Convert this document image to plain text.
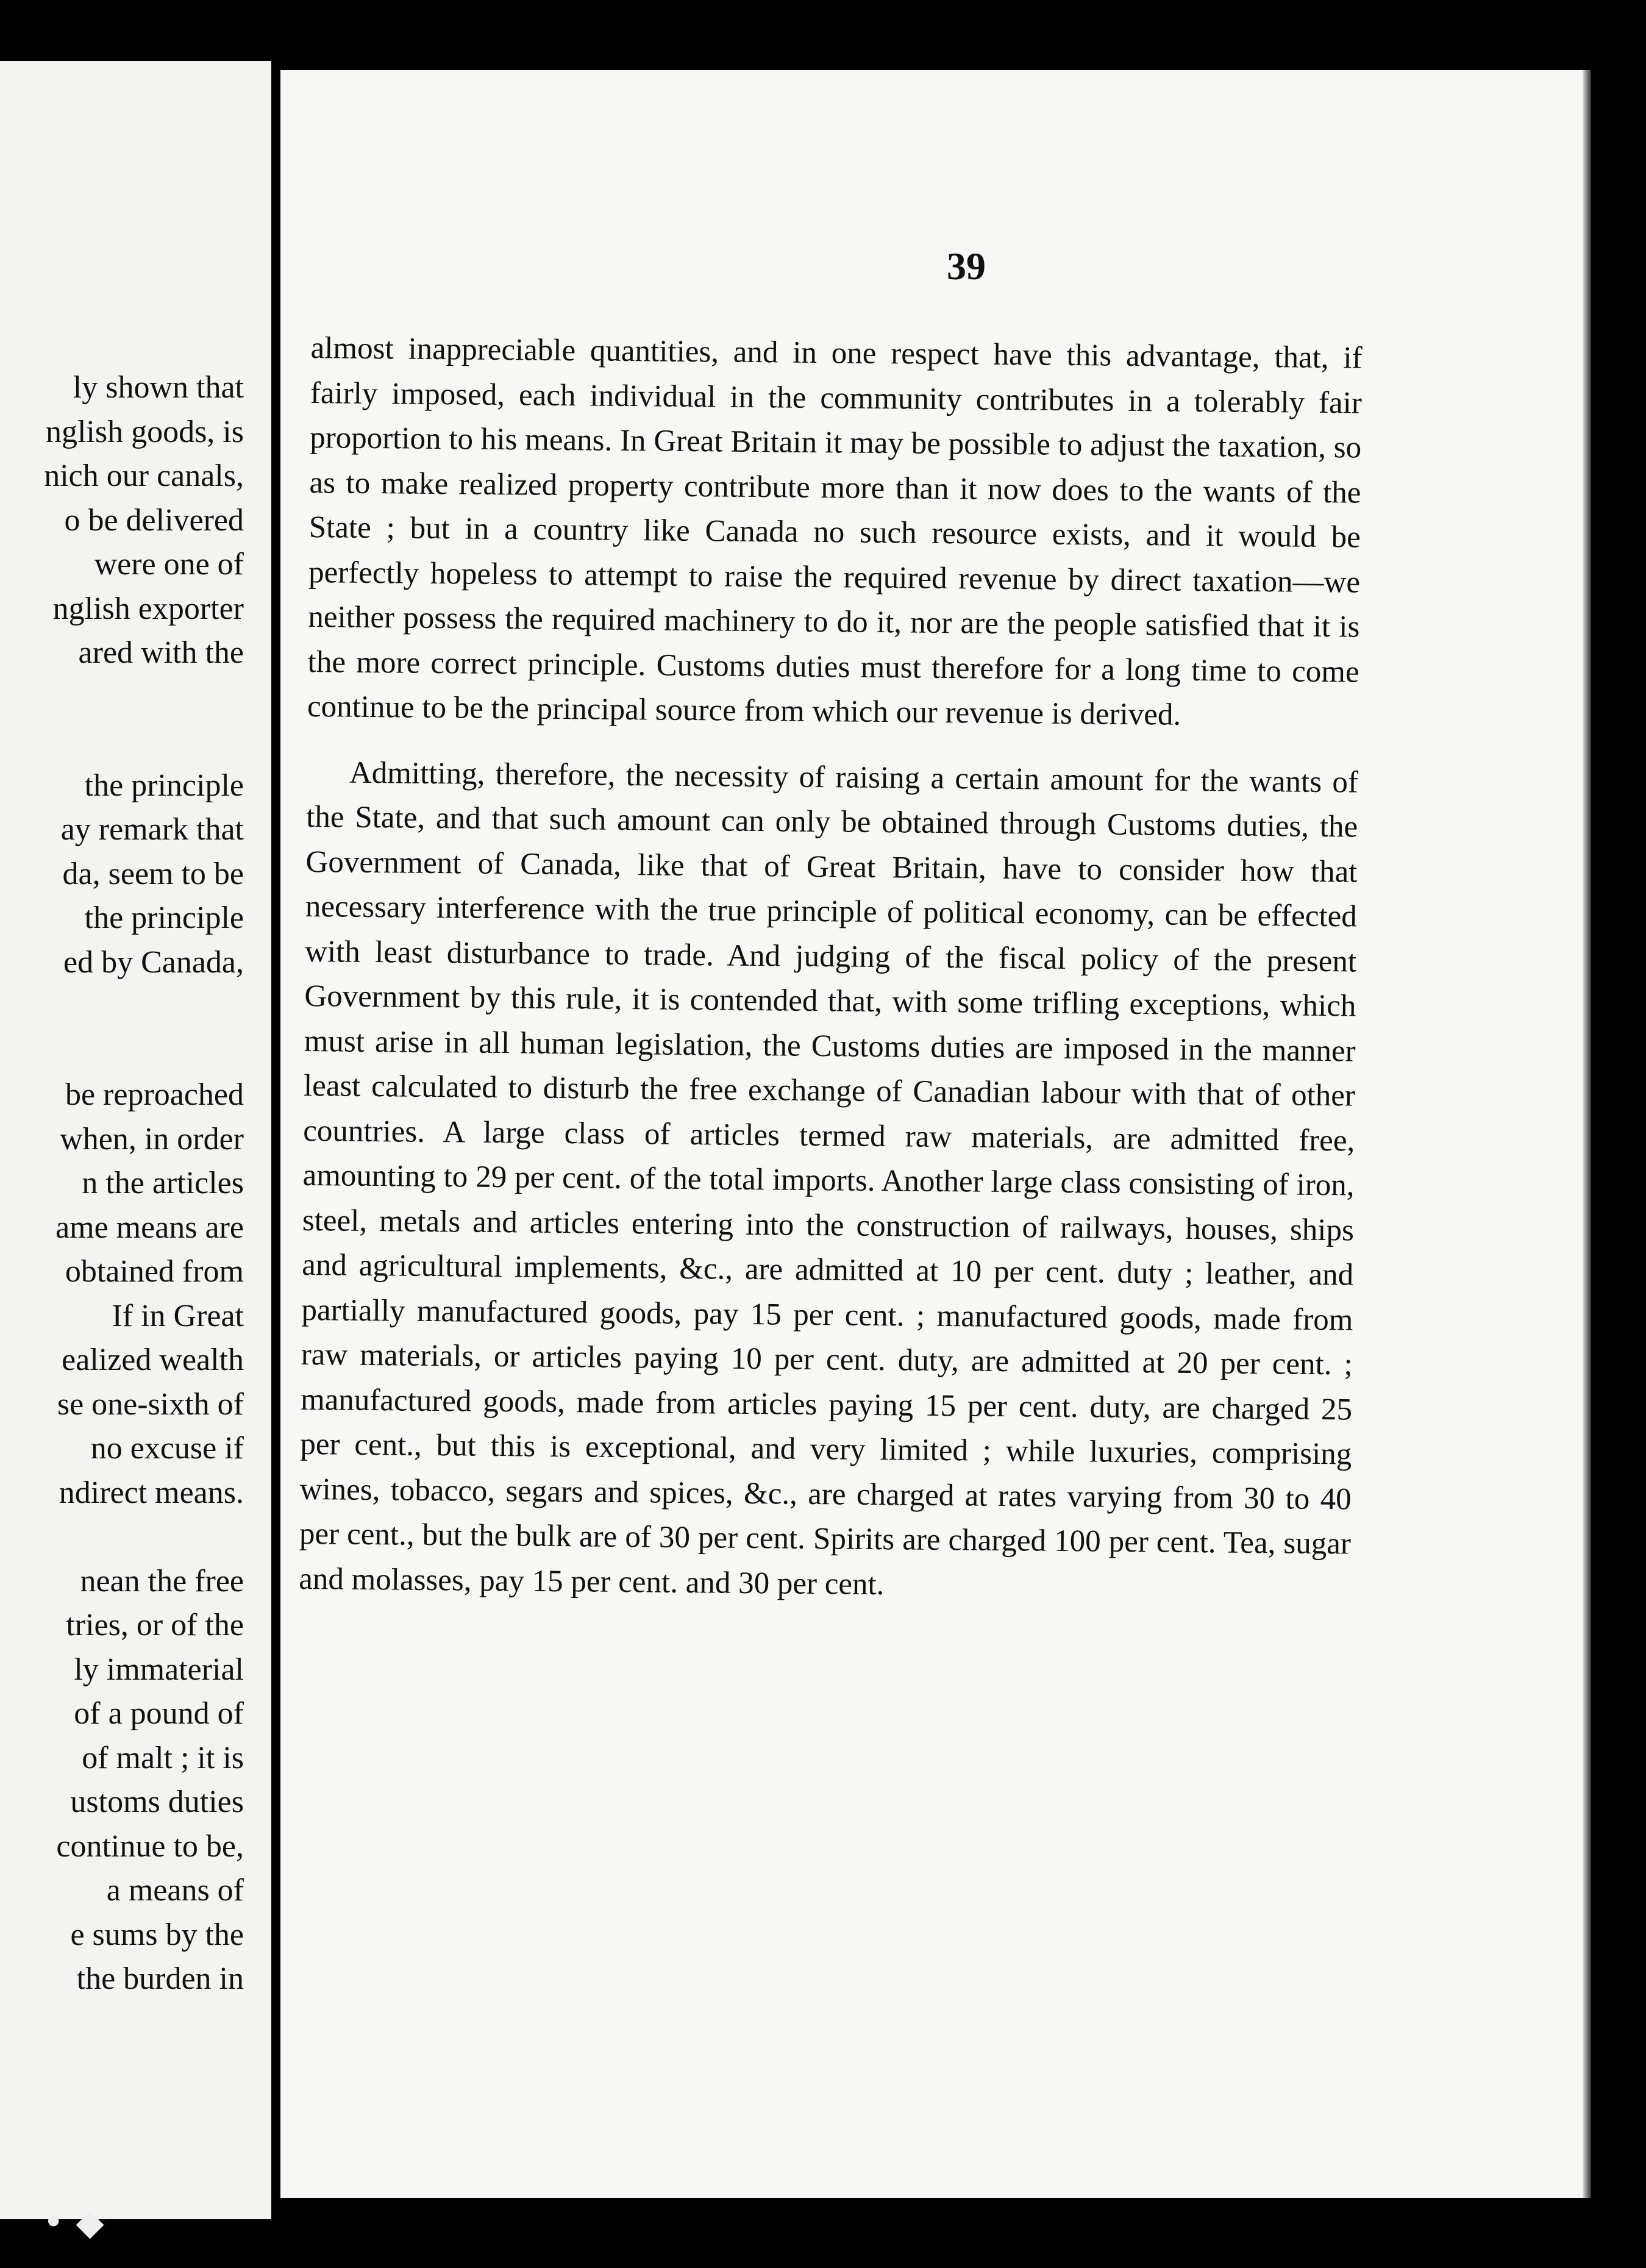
ly shown that
nglish goods, is
nich our canals,
o be delivered
were one of
nglish exporter
ared with the
the principle
ay remark that
da, seem to be
the principle
ed by Canada,
be reproached
when, in order
n the articles
ame means are
obtained from
If in Great
ealized wealth
se one-sixth of
no excuse if
ndirect means.
nean the free
tries, or of the
ly immaterial
of a pound of
of malt ; it is
ustoms duties
continue to be,
a means of
e sums by the
the burden in
39

almost inappreciable quantities, and in one respect have this advantage, that, if fairly imposed, each individual in the community contributes in a tolerably fair proportion to his means. In Great Britain it may be possible to adjust the taxation, so as to make realized property contribute more than it now does to the wants of the State ; but in a country like Canada no such resource exists, and it would be perfectly hopeless to attempt to raise the required revenue by direct taxation—we neither possess the required machinery to do it, nor are the people satisfied that it is the more correct principle. Customs duties must therefore for a long time to come continue to be the principal source from which our revenue is derived.

Admitting, therefore, the necessity of raising a certain amount for the wants of the State, and that such amount can only be obtained through Customs duties, the Government of Canada, like that of Great Britain, have to consider how that necessary interference with the true principle of political economy, can be effected with least disturbance to trade. And judging of the fiscal policy of the present Government by this rule, it is contended that, with some trifling exceptions, which must arise in all human legislation, the Customs duties are imposed in the manner least calculated to disturb the free exchange of Canadian labour with that of other countries. A large class of articles termed raw materials, are admitted free, amounting to 29 per cent. of the total imports. Another large class consisting of iron, steel, metals and articles entering into the construction of railways, houses, ships and agricultural implements, &c., are admitted at 10 per cent. duty ; leather, and partially manufactured goods, pay 15 per cent. ; manufactured goods, made from raw materials, or articles paying 10 per cent. duty, are admitted at 20 per cent. ; manufactured goods, made from articles paying 15 per cent. duty, are charged 25 per cent., but this is exceptional, and very limited ; while luxuries, comprising wines, tobacco, segars and spices, &c., are charged at rates varying from 30 to 40 per cent., but the bulk are of 30 per cent. Spirits are charged 100 per cent. Tea, sugar and molasses, pay 15 per cent. and 30 per cent.

• ◆
